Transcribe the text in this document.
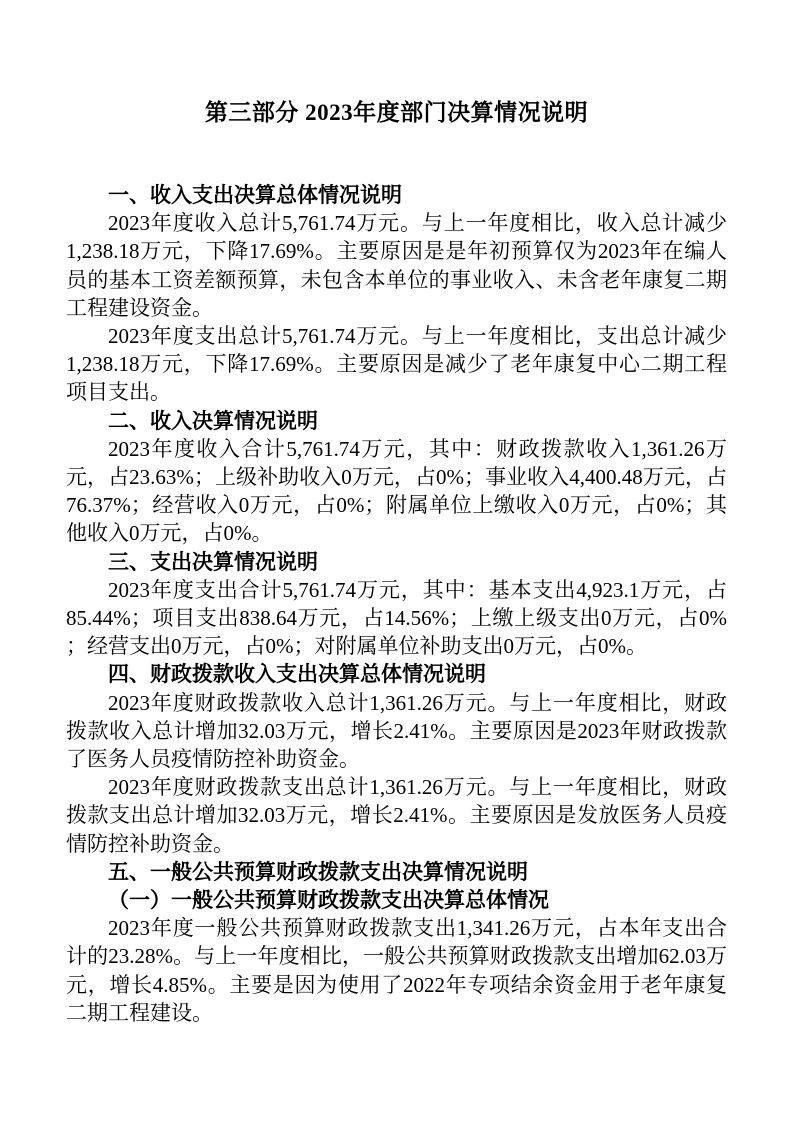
第三部分 2023年度部门决算情况说明

一、收入支出决算总体情况说明

2023年度收入总计5,761.74万元。与上一年度相比，收入总计减少1,238.18万元，下降17.69%。主要原因是是年初预算仅为2023年在编人员的基本工资差额预算，未包含本单位的事业收入、未含老年康复二期工程建设资金。

2023年度支出总计5,761.74万元。与上一年度相比，支出总计减少1,238.18万元，下降17.69%。主要原因是减少了老年康复中心二期工程项目支出。

二、收入决算情况说明

2023年度收入合计5,761.74万元，其中：财政拨款收入1,361.26万元，占23.63%；上级补助收入0万元，占0%；事业收入4,400.48万元，占76.37%；经营收入0万元，占0%；附属单位上缴收入0万元，占0%；其他收入0万元，占0%。

三、支出决算情况说明

2023年度支出合计5,761.74万元，其中：基本支出4,923.1万元，占85.44%；项目支出838.64万元，占14.56%；上缴上级支出0万元，占0%；经营支出0万元，占0%；对附属单位补助支出0万元，占0%。

四、财政拨款收入支出决算总体情况说明

2023年度财政拨款收入总计1,361.26万元。与上一年度相比，财政拨款收入总计增加32.03万元，增长2.41%。主要原因是2023年财政拨款了医务人员疫情防控补助资金。

2023年度财政拨款支出总计1,361.26万元。与上一年度相比，财政拨款支出总计增加32.03万元，增长2.41%。主要原因是发放医务人员疫情防控补助资金。

五、一般公共预算财政拨款支出决算情况说明

（一）一般公共预算财政拨款支出决算总体情况

2023年度一般公共预算财政拨款支出1,341.26万元，占本年支出合计的23.28%。与上一年度相比，一般公共预算财政拨款支出增加62.03万元，增长4.85%。主要是因为使用了2022年专项结余资金用于老年康复二期工程建设。
